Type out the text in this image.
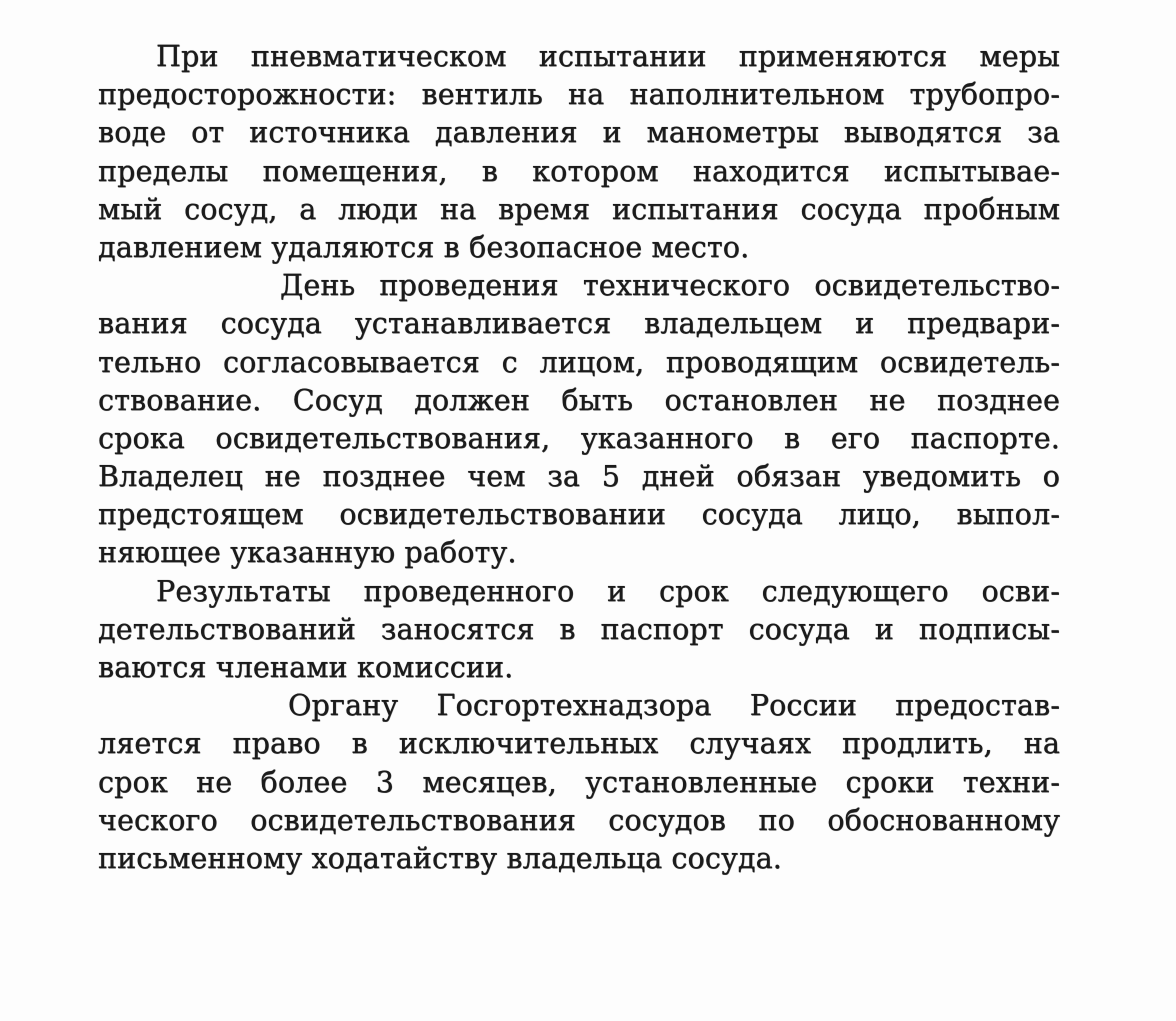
При пневматическом испытании применяются меры
предосторожности: вентиль на наполнительном трубопро-
воде от источника давления и манометры выводятся за
пределы помещения, в котором находится испытывае-
мый сосуд, а люди на время испытания сосуда пробным
давлением удаляются в безопасное место.
День проведения технического освидетельство-
вания сосуда устанавливается владельцем и предвари-
тельно согласовывается с лицом, проводящим освидетель-
ствование. Сосуд должен быть остановлен не позднее
срока освидетельствования, указанного в его паспорте.
Владелец не позднее чем за 5 дней обязан уведомить о
предстоящем освидетельствовании сосуда лицо, выпол-
няющее указанную работу.
Результаты проведенного и срок следующего осви-
детельствований заносятся в паспорт сосуда и подписы-
ваются членами комиссии.
Органу Госгортехнадзора России предостав-
ляется право в исключительных случаях продлить, на
срок не более 3 месяцев, установленные сроки техни-
ческого освидетельствования сосудов по обоснованному
письменному ходатайству владельца сосуда.
